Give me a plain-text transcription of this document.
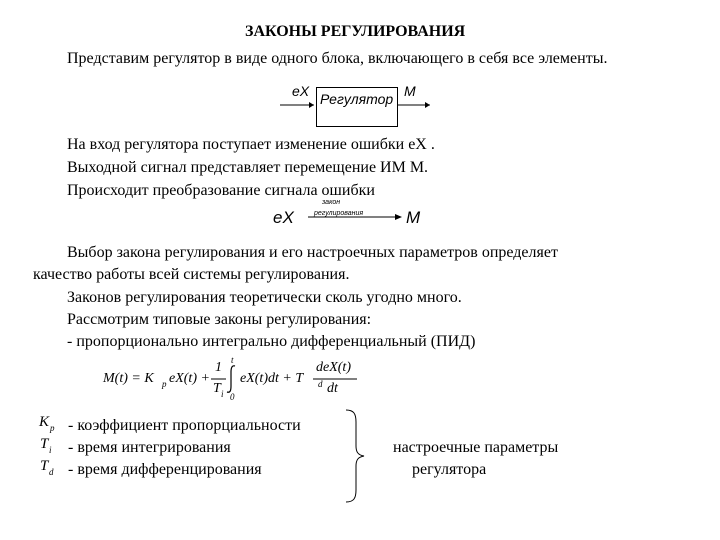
ЗАКОНЫ РЕГУЛИРОВАНИЯ
Представим регулятор в виде одного блока, включающего в себя все элементы.
eX Регулятор M
На вход регулятора поступает изменение ошибки eX .
Выходной сигнал представляет перемещение ИМ M.
Происходит преобразование сигнала ошибки
eX
закон
регулирования	M
Выбор закона регулирования и его настроечных параметров определяет
качество работы всей системы регулирования.
Законов регулирования теоретически сколь угодно много.
Рассмотрим типовые законы регулирования:
- пропорционально интегрально дифференциальный (ПИД)
M(t) = K p eX(t) +
1
T i
t
0
eX(t)dt + T d
deX(t)
dt
K p - коэффициент пропорциальности
T i - время интегрирования
T d - время дифференцирования
настроечные параметры
регулятора
